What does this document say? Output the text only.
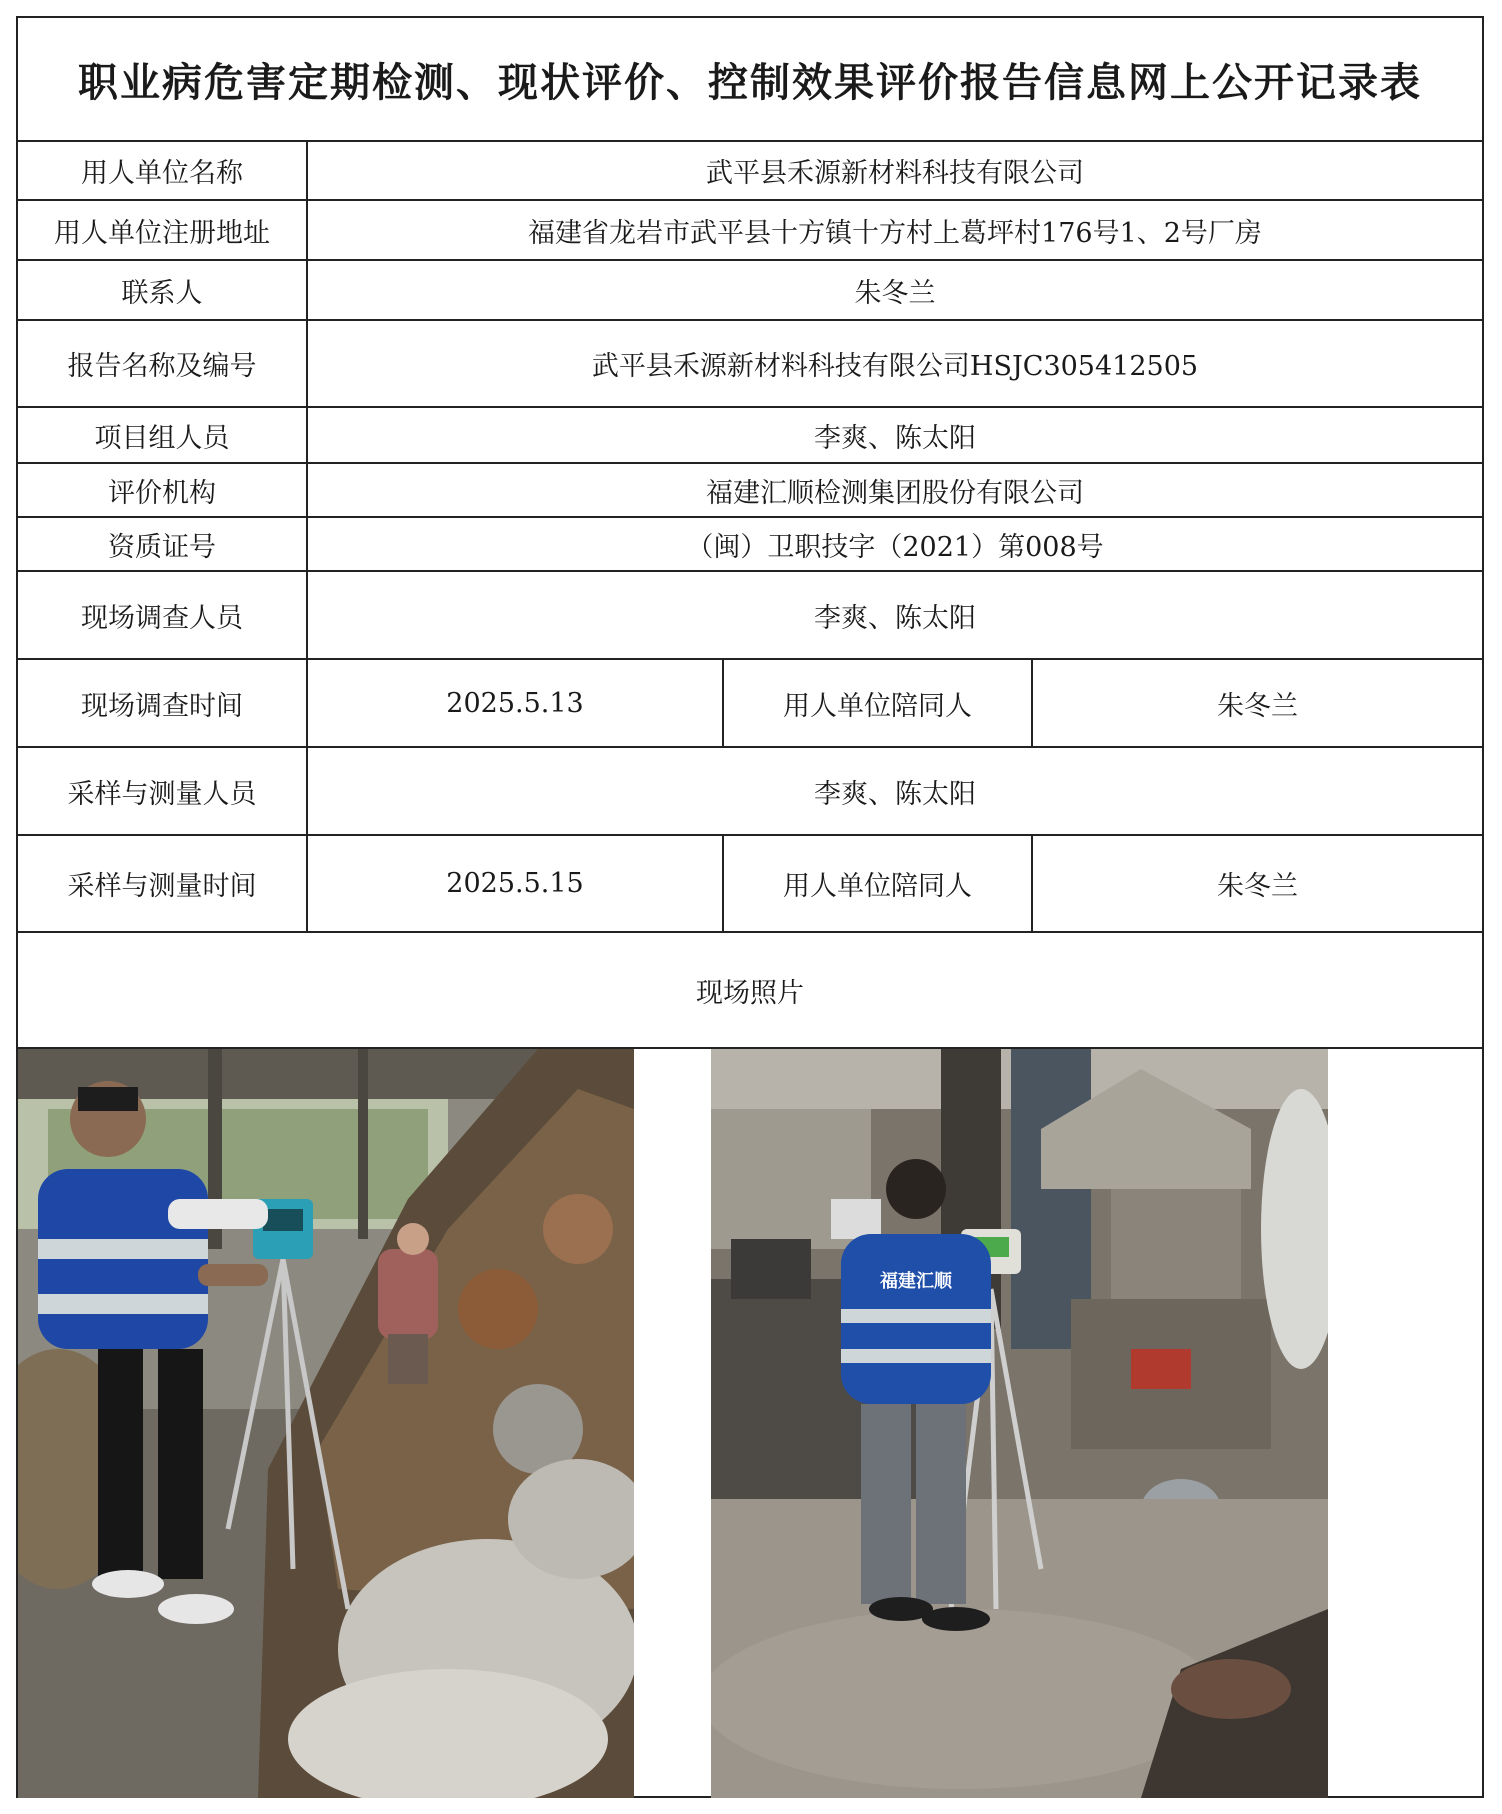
职业病危害定期检测、现状评价、控制效果评价报告信息网上公开记录表
用人单位名称	武平县禾源新材料科技有限公司
用人单位注册地址	福建省龙岩市武平县十方镇十方村上葛坪村176号1、2号厂房
联系人	朱冬兰
报告名称及编号	武平县禾源新材料科技有限公司HSJC305412505
项目组人员	李爽、陈太阳
评价机构	福建汇顺检测集团股份有限公司
资质证号	（闽）卫职技字（2021）第008号
现场调查人员	李爽、陈太阳
现场调查时间	2025.5.13	用人单位陪同人	朱冬兰
采样与测量人员	李爽、陈太阳
采样与测量时间	2025.5.15	用人单位陪同人	朱冬兰
现场照片
福建汇顺
